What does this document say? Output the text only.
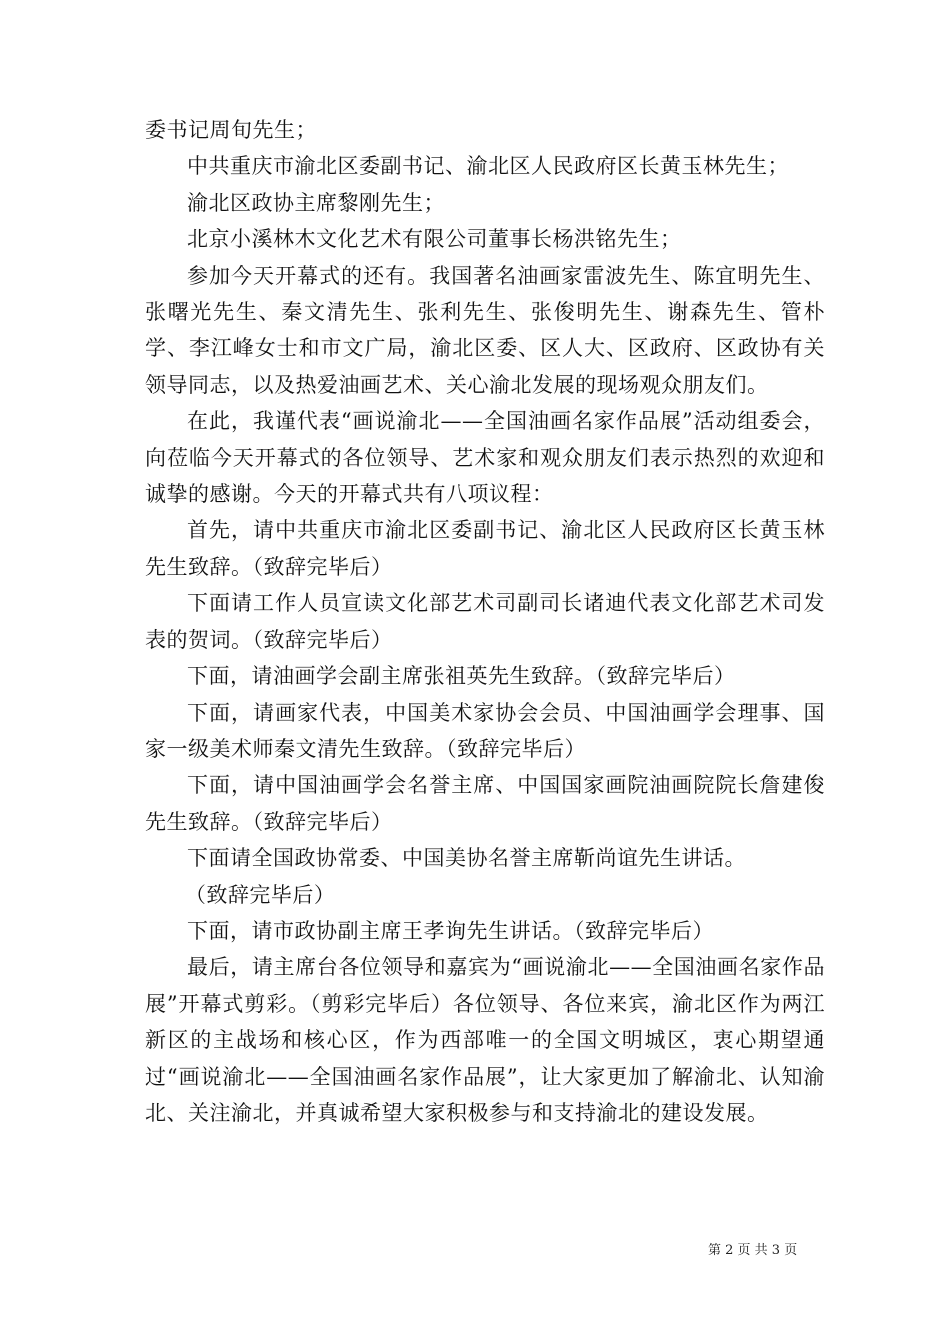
委书记周旬先生；

中共重庆市渝北区委副书记、渝北区人民政府区长黄玉林先生；

渝北区政协主席黎刚先生；

北京小溪林木文化艺术有限公司董事长杨洪铭先生；

参加今天开幕式的还有。我国著名油画家雷波先生、陈宜明先生、张曙光先生、秦文清先生、张利先生、张俊明先生、谢森先生、管朴学、李江峰女士和市文广局，渝北区委、区人大、区政府、区政协有关领导同志，以及热爱油画艺术、关心渝北发展的现场观众朋友们。

在此，我谨代表“画说渝北——全国油画名家作品展”活动组委会，向莅临今天开幕式的各位领导、艺术家和观众朋友们表示热烈的欢迎和诚挚的感谢。今天的开幕式共有八项议程：

首先，请中共重庆市渝北区委副书记、渝北区人民政府区长黄玉林先生致辞。（致辞完毕后）

下面请工作人员宣读文化部艺术司副司长诸迪代表文化部艺术司发表的贺词。（致辞完毕后）

下面，请油画学会副主席张祖英先生致辞。（致辞完毕后）

下面，请画家代表，中国美术家协会会员、中国油画学会理事、国家一级美术师秦文清先生致辞。（致辞完毕后）

下面，请中国油画学会名誉主席、中国国家画院油画院院长詹建俊先生致辞。（致辞完毕后）

下面请全国政协常委、中国美协名誉主席靳尚谊先生讲话。

（致辞完毕后）

下面，请市政协副主席王孝询先生讲话。（致辞完毕后）

最后，请主席台各位领导和嘉宾为“画说渝北——全国油画名家作品展”开幕式剪彩。（剪彩完毕后）各位领导、各位来宾，渝北区作为两江新区的主战场和核心区，作为西部唯一的全国文明城区，衷心期望通过“画说渝北——全国油画名家作品展”，让大家更加了解渝北、认知渝北、关注渝北，并真诚希望大家积极参与和支持渝北的建设发展。

第 2 页 共 3 页
